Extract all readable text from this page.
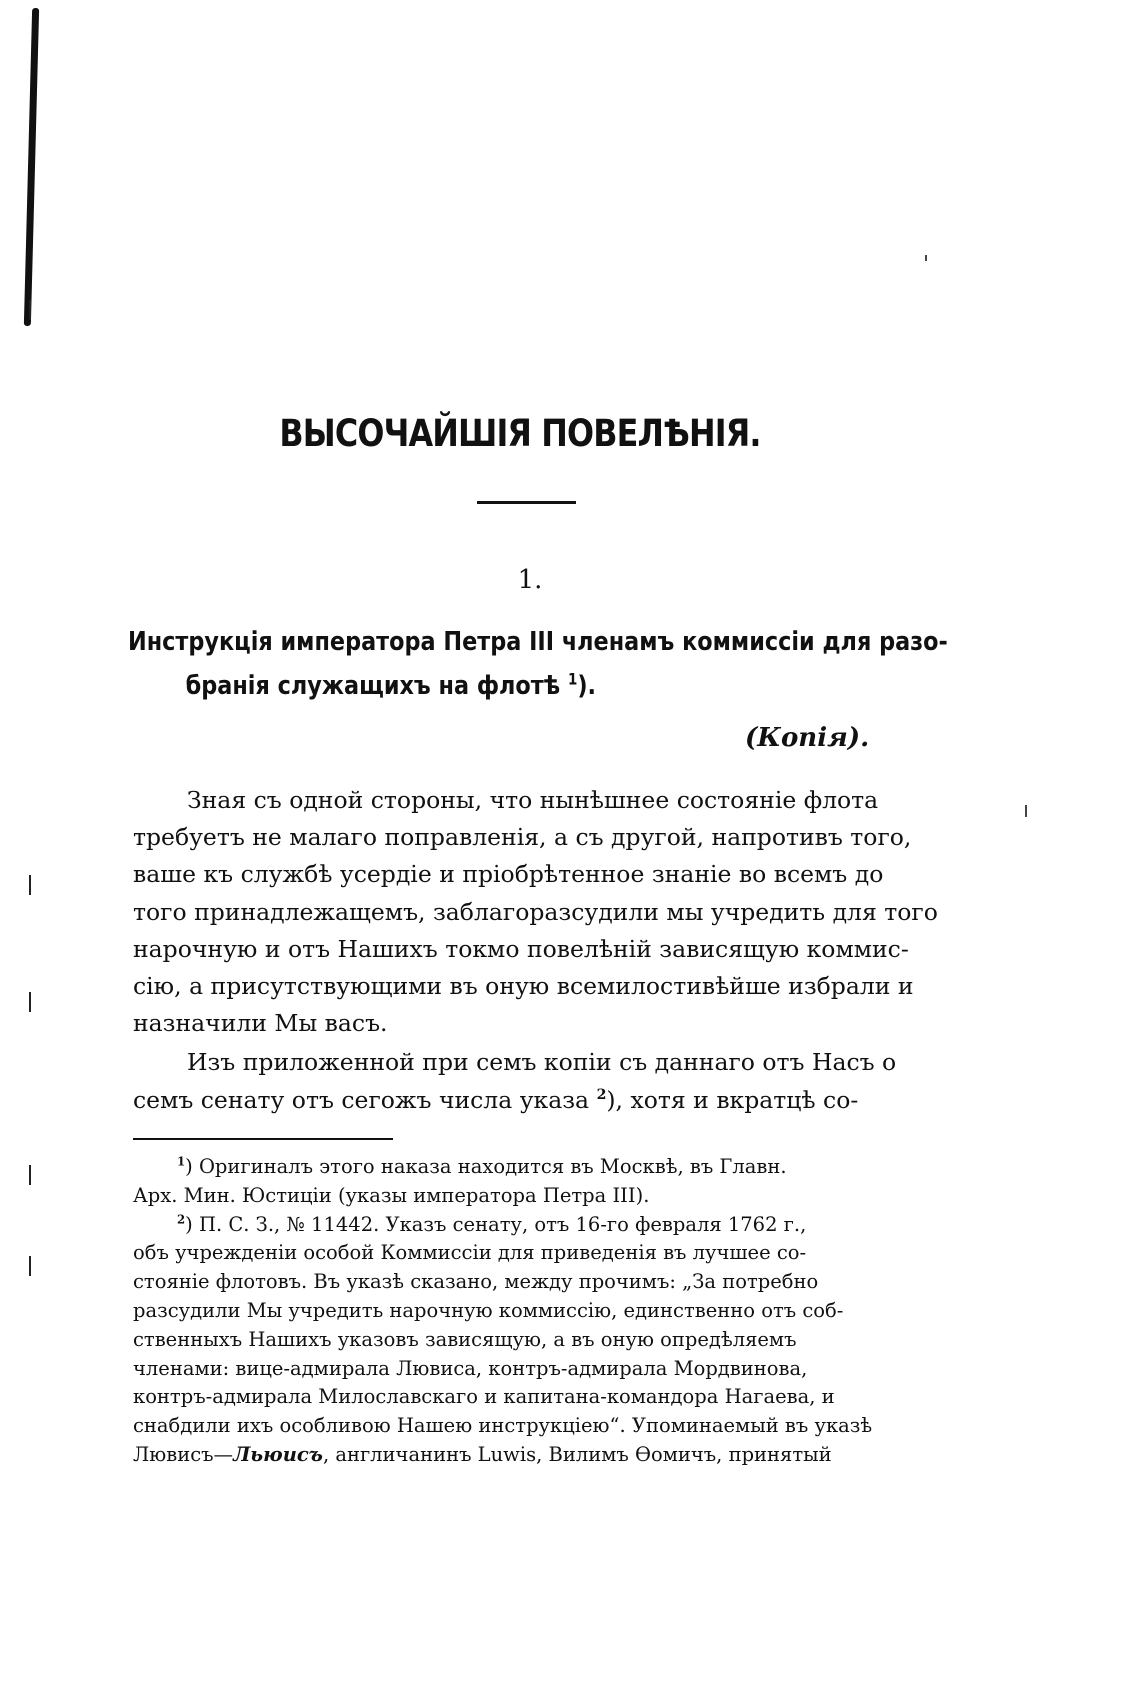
ВЫСОЧАЙШІЯ ПОВЕЛѢНІЯ.
1.
Инструкція императора Петра III членамъ коммиссіи для разо-
бранія служащихъ на флотѣ $^1$).
(Копія).

Зная съ одной стороны, что нынѣшнее состояніе флота
требуетъ не малаго поправленія, а съ другой, напротивъ того,
ваше къ службѣ усердіе и пріобрѣтенное знаніе во всемъ до
того принадлежащемъ, заблагоразсудили мы учредить для того
нарочную и отъ Нашихъ токмо повелѣній зависящую коммис-
сію, а присутствующими въ оную всемилостивѣйше избрали и
назначили Мы васъ.

Изъ приложенной при семъ копіи съ даннаго отъ Насъ о
семъ сенату отъ сегожъ числа указа $^2$), хотя и вкратцѣ со-

$^1$) Оригиналъ этого наказа находится въ Москвѣ, въ Главн.
Арх. Мин. Юстиціи (указы императора Петра III).
$^2$) П. С. З., № 11442. Указъ сенату, отъ 16-го февраля 1762 г.,
объ учрежденіи особой Коммиссіи для приведенія въ лучшее со-
стояніе флотовъ. Въ указѣ сказано, между прочимъ: „За потребно
разсудили Мы учредить нарочную коммиссію, единственно отъ соб-
ственныхъ Нашихъ указовъ зависящую, а въ оную опредѣляемъ
членами: вице-адмирала Лювиса, контръ-адмирала Мордвинова,
контръ-адмирала Милославскаго и капитана-командора Нагаева, и
снабдили ихъ особливою Нашею инструкціею“. Упоминаемый въ указѣ
Лювисъ—Льюисъ, англичанинъ Luwis, Вилимъ Ѳомичъ, принятый
